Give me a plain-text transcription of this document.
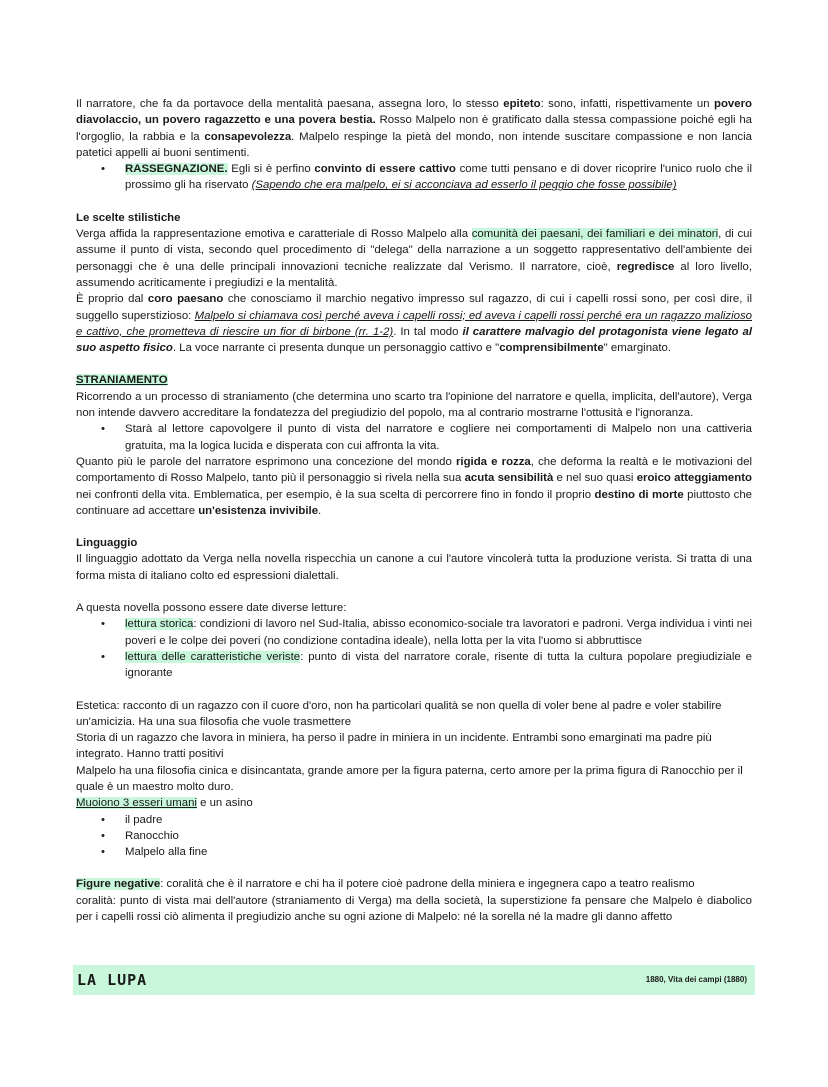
Il narratore, che fa da portavoce della mentalità paesana, assegna loro, lo stesso epiteto: sono, infatti, rispettivamente un povero diavolaccio, un povero ragazzetto e una povera bestia. Rosso Malpelo non è gratificato dalla stessa compassione poiché egli ha l'orgoglio, la rabbia e la consapevolezza. Malpelo respinge la pietà del mondo, non intende suscitare compassione e non lancia patetici appelli ai buoni sentimenti.

• RASSEGNAZIONE. Egli si è perfino convinto di essere cattivo come tutti pensano e di dover ricoprire l'unico ruolo che il prossimo gli ha riservato (Sapendo che era malpelo, ei si acconciava ad esserlo il peggio che fosse possibile)

Le scelte stilistiche

Verga affida la rappresentazione emotiva e caratteriale di Rosso Malpelo alla comunità dei paesani, dei familiari e dei minatori, di cui assume il punto di vista, secondo quel procedimento di "delega" della narrazione a un soggetto rappresentativo dell'ambiente dei personaggi che è una delle principali innovazioni tecniche realizzate dal Verismo. Il narratore, cioè, regredisce al loro livello, assumendo acriticamente i pregiudizi e la mentalità.

È proprio dal coro paesano che conosciamo il marchio negativo impresso sul ragazzo, di cui i capelli rossi sono, per così dire, il suggello superstizioso: Malpelo si chiamava così perché aveva i capelli rossi; ed aveva i capelli rossi perché era un ragazzo malizioso e cattivo, che prometteva di riescire un fior di birbone (rr. 1-2). In tal modo il carattere malvagio del protagonista viene legato al suo aspetto fisico. La voce narrante ci presenta dunque un personaggio cattivo e "comprensibilmente" emarginato.

STRANIAMENTO

Ricorrendo a un processo di straniamento (che determina uno scarto tra l'opinione del narratore e quella, implicita, dell'autore), Verga non intende davvero accreditare la fondatezza del pregiudizio del popolo, ma al contrario mostrarne l'ottusità e l'ignoranza.

• Starà al lettore capovolgere il punto di vista del narratore e cogliere nei comportamenti di Malpelo non una cattiveria gratuita, ma la logica lucida e disperata con cui affronta la vita.

Quanto più le parole del narratore esprimono una concezione del mondo rigida e rozza, che deforma la realtà e le motivazioni del comportamento di Rosso Malpelo, tanto più il personaggio si rivela nella sua acuta sensibilità e nel suo quasi eroico atteggiamento nei confronti della vita. Emblematica, per esempio, è la sua scelta di percorrere fino in fondo il proprio destino di morte piuttosto che continuare ad accettare un'esistenza invivibile.

Linguaggio

Il linguaggio adottato da Verga nella novella rispecchia un canone a cui l'autore vincolerà tutta la produzione verista. Si tratta di una forma mista di italiano colto ed espressioni dialettali.

A questa novella possono essere date diverse letture:

• lettura storica: condizioni di lavoro nel Sud-Italia, abisso economico-sociale tra lavoratori e padroni. Verga individua i vinti nei poveri e le colpe dei poveri (no condizione contadina ideale), nella lotta per la vita l'uomo si abbruttisce
• lettura delle caratteristiche veriste: punto di vista del narratore corale, risente di tutta la cultura popolare pregiudiziale e ignorante

Estetica: racconto di un ragazzo con il cuore d'oro, non ha particolari qualità se non quella di voler bene al padre e voler stabilire un'amicizia. Ha una sua filosofia che vuole trasmettere

Storia di un ragazzo che lavora in miniera, ha perso il padre in miniera in un incidente. Entrambi sono emarginati ma padre più integrato. Hanno tratti positivi

Malpelo ha una filosofia cinica e disincantata, grande amore per la figura paterna, certo amore per la prima figura di Ranocchio per il quale è un maestro molto duro.

Muoiono 3 esseri umani e un asino

• il padre
• Ranocchio
• Malpelo alla fine

Figure negative: coralità che è il narratore e chi ha il potere cioè padrone della miniera e ingegnera capo a teatro realismo

coralità: punto di vista mai dell'autore (straniamento di Verga) ma della società, la superstizione fa pensare che Malpelo è diabolico per i capelli rossi ciò alimenta il pregiudizio anche su ogni azione di Malpelo: né la sorella né la madre gli danno affetto

LA LUPA	1880, Vita dei campi (1880)
